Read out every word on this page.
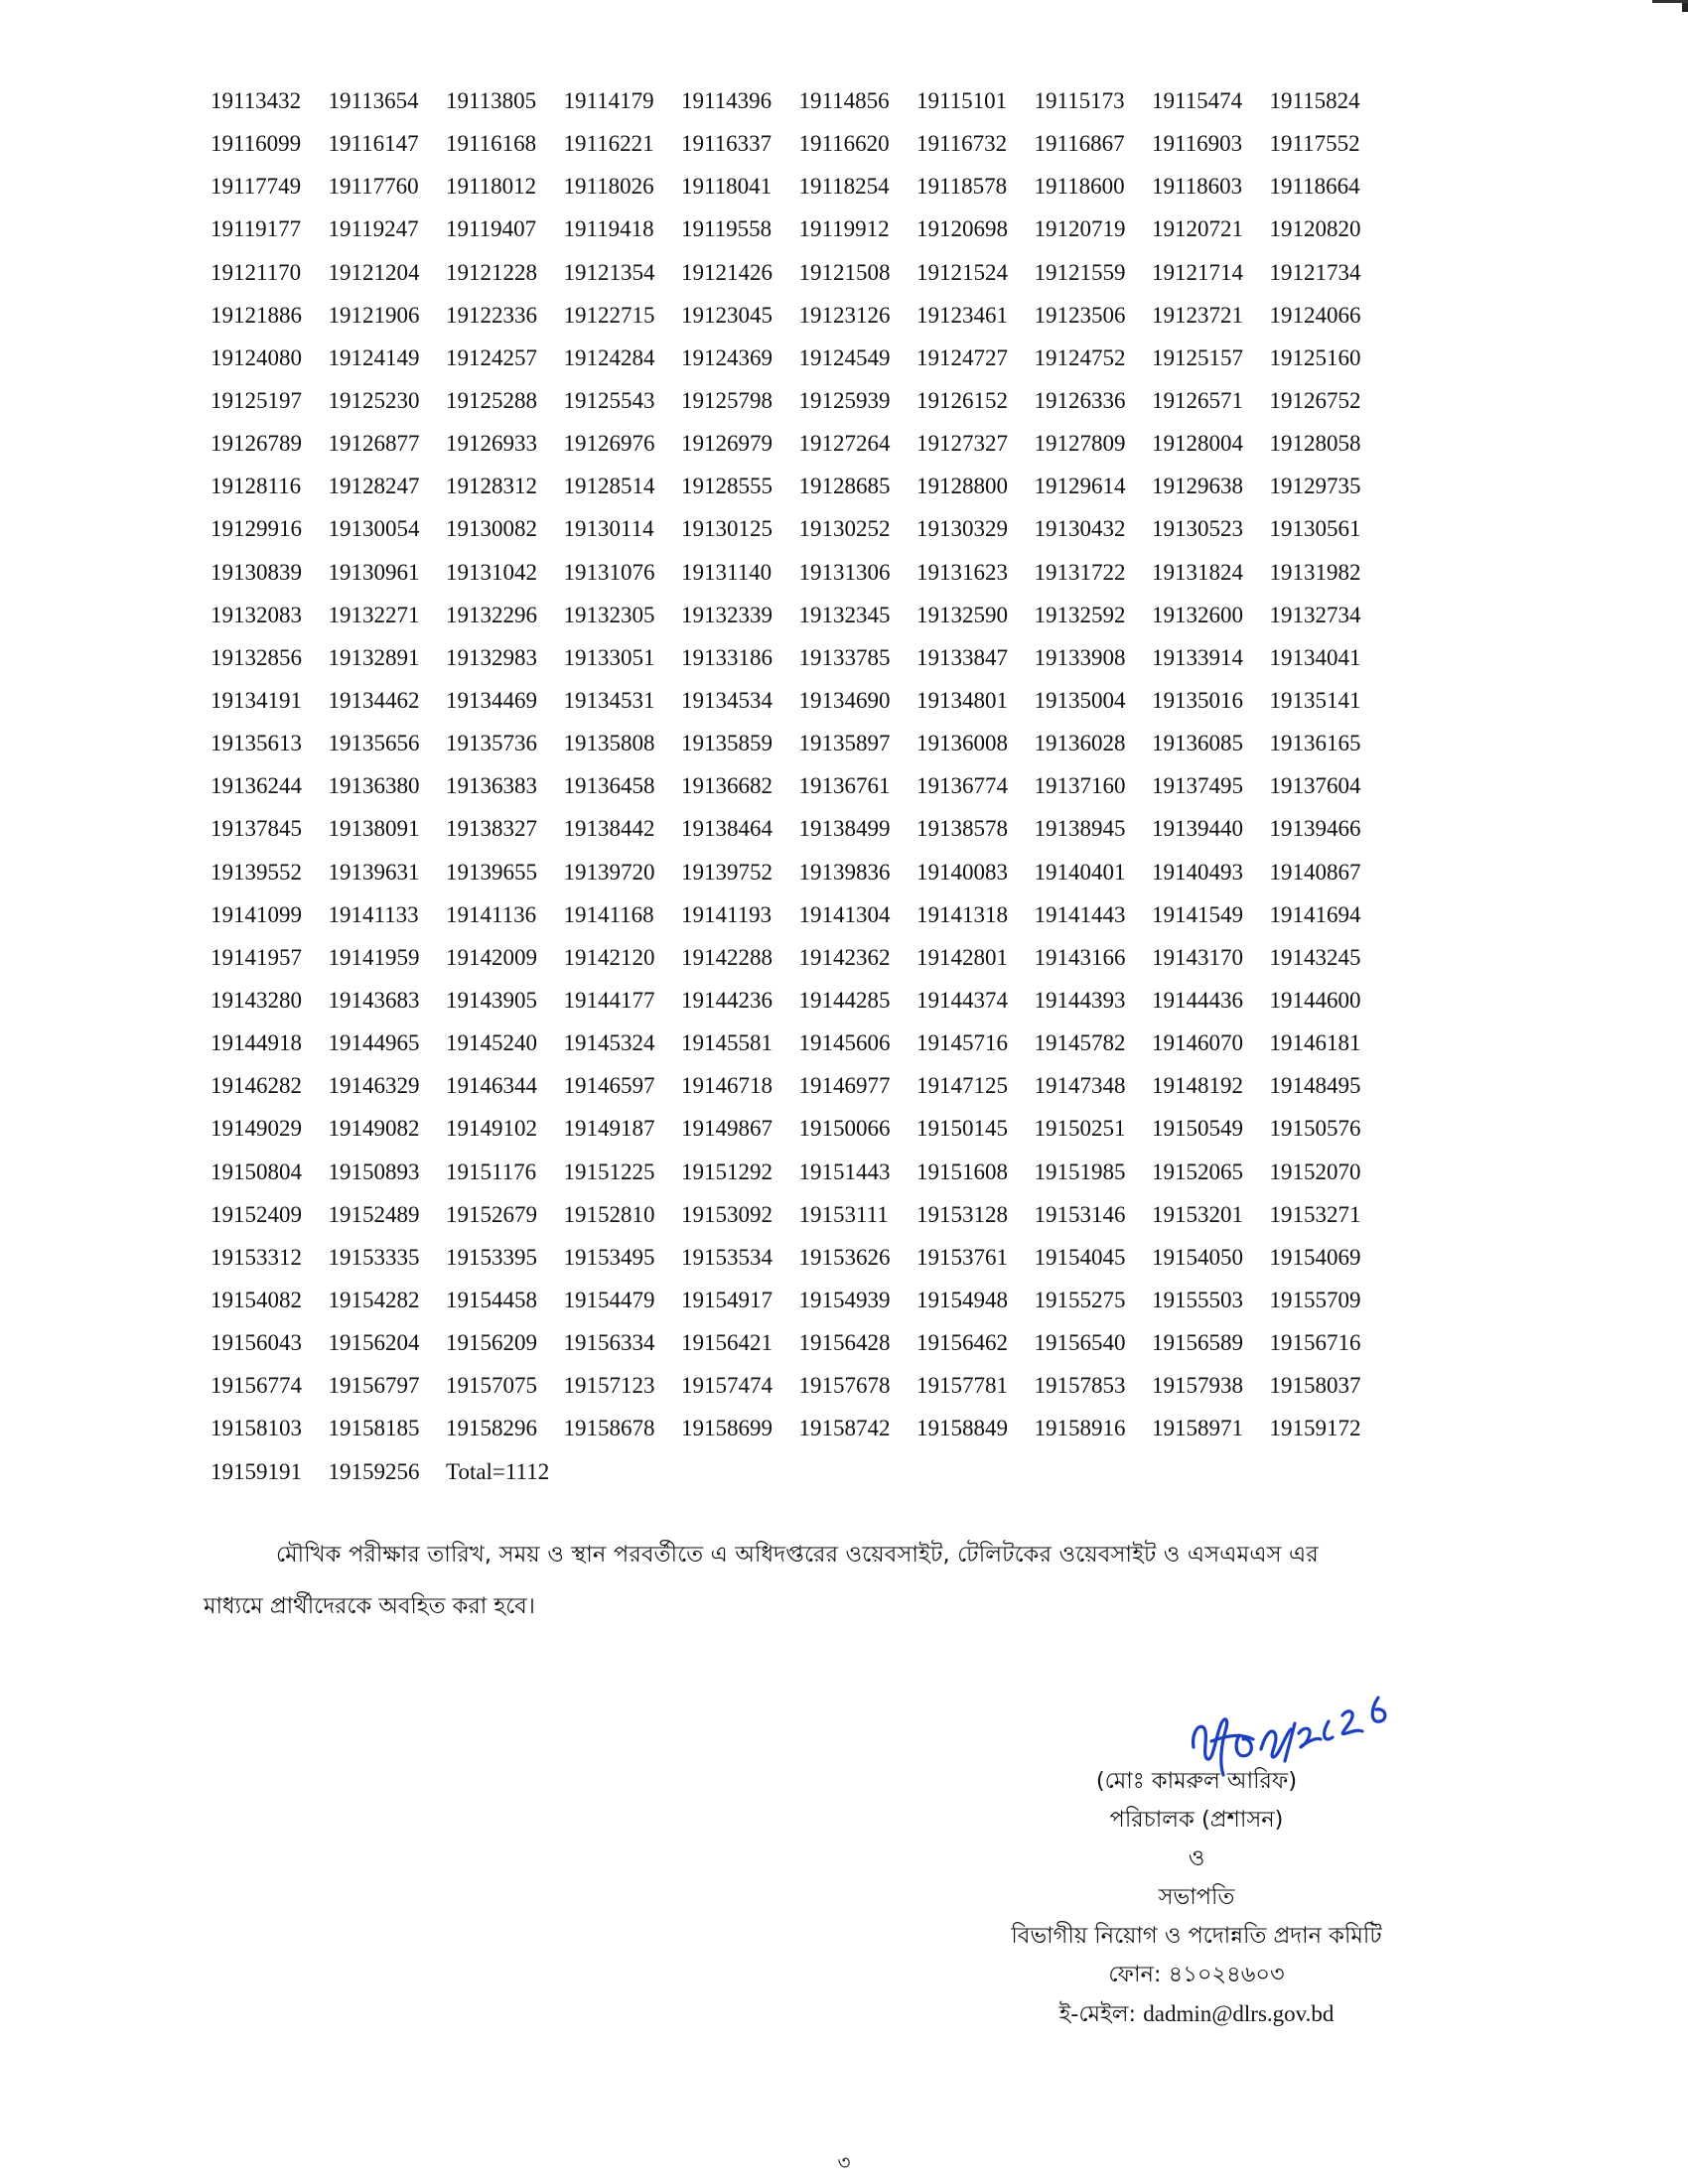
19113432	19113654	19113805	19114179	19114396	19114856	19115101	19115173	19115474	19115824
19116099	19116147	19116168	19116221	19116337	19116620	19116732	19116867	19116903	19117552
19117749	19117760	19118012	19118026	19118041	19118254	19118578	19118600	19118603	19118664
19119177	19119247	19119407	19119418	19119558	19119912	19120698	19120719	19120721	19120820
19121170	19121204	19121228	19121354	19121426	19121508	19121524	19121559	19121714	19121734
19121886	19121906	19122336	19122715	19123045	19123126	19123461	19123506	19123721	19124066
19124080	19124149	19124257	19124284	19124369	19124549	19124727	19124752	19125157	19125160
19125197	19125230	19125288	19125543	19125798	19125939	19126152	19126336	19126571	19126752
19126789	19126877	19126933	19126976	19126979	19127264	19127327	19127809	19128004	19128058
19128116	19128247	19128312	19128514	19128555	19128685	19128800	19129614	19129638	19129735
19129916	19130054	19130082	19130114	19130125	19130252	19130329	19130432	19130523	19130561
19130839	19130961	19131042	19131076	19131140	19131306	19131623	19131722	19131824	19131982
19132083	19132271	19132296	19132305	19132339	19132345	19132590	19132592	19132600	19132734
19132856	19132891	19132983	19133051	19133186	19133785	19133847	19133908	19133914	19134041
19134191	19134462	19134469	19134531	19134534	19134690	19134801	19135004	19135016	19135141
19135613	19135656	19135736	19135808	19135859	19135897	19136008	19136028	19136085	19136165
19136244	19136380	19136383	19136458	19136682	19136761	19136774	19137160	19137495	19137604
19137845	19138091	19138327	19138442	19138464	19138499	19138578	19138945	19139440	19139466
19139552	19139631	19139655	19139720	19139752	19139836	19140083	19140401	19140493	19140867
19141099	19141133	19141136	19141168	19141193	19141304	19141318	19141443	19141549	19141694
19141957	19141959	19142009	19142120	19142288	19142362	19142801	19143166	19143170	19143245
19143280	19143683	19143905	19144177	19144236	19144285	19144374	19144393	19144436	19144600
19144918	19144965	19145240	19145324	19145581	19145606	19145716	19145782	19146070	19146181
19146282	19146329	19146344	19146597	19146718	19146977	19147125	19147348	19148192	19148495
19149029	19149082	19149102	19149187	19149867	19150066	19150145	19150251	19150549	19150576
19150804	19150893	19151176	19151225	19151292	19151443	19151608	19151985	19152065	19152070
19152409	19152489	19152679	19152810	19153092	19153111	19153128	19153146	19153201	19153271
19153312	19153335	19153395	19153495	19153534	19153626	19153761	19154045	19154050	19154069
19154082	19154282	19154458	19154479	19154917	19154939	19154948	19155275	19155503	19155709
19156043	19156204	19156209	19156334	19156421	19156428	19156462	19156540	19156589	19156716
19156774	19156797	19157075	19157123	19157474	19157678	19157781	19157853	19157938	19158037
19158103	19158185	19158296	19158678	19158699	19158742	19158849	19158916	19158971	19159172
19159191	19159256	Total=1112
মৌখিক পরীক্ষার তারিখ, সময় ও স্থান পরবর্তীতে এ অধিদপ্তরের ওয়েবসাইট, টেলিটকের ওয়েবসাইট ও এসএমএস এর
মাধ্যমে প্রার্থীদেরকে অবহিত করা হবে।
(মোঃ কামরুল আরিফ)
পরিচালক (প্রশাসন)
ও
সভাপতি
বিভাগীয় নিয়োগ ও পদোন্নতি প্রদান কমিটি
ফোন: ৪১০২৪৬০৩
ই-মেইল: dadmin@dlrs.gov.bd
৩
